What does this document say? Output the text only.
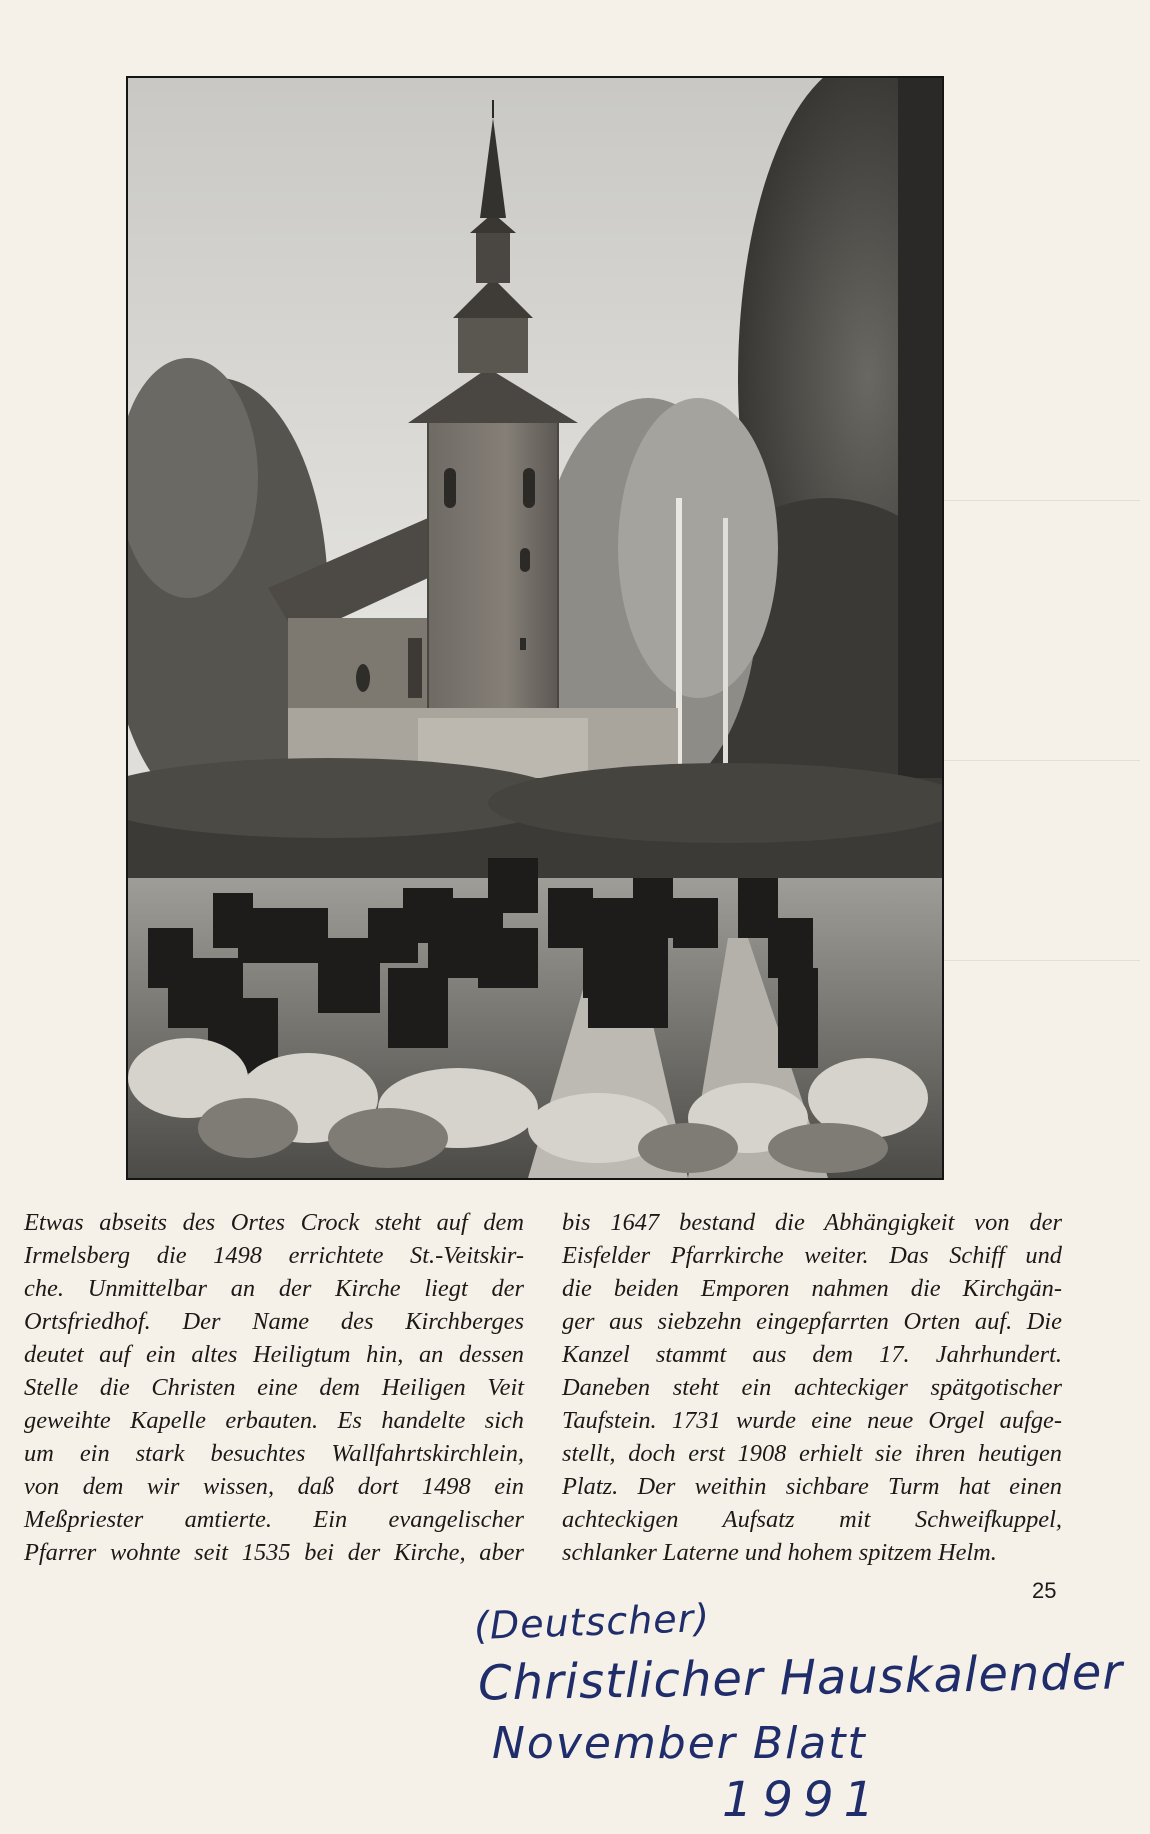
Etwas abseits des Ortes Crock steht auf dem
Irmelsberg die 1498 errichtete St.-Veitskir-
che. Unmittelbar an der Kirche liegt der
Ortsfriedhof. Der Name des Kirchberges
deutet auf ein altes Heiligtum hin, an dessen
Stelle die Christen eine dem Heiligen Veit
geweihte Kapelle erbauten. Es handelte sich
um ein stark besuchtes Wallfahrtskirchlein,
von dem wir wissen, daß dort 1498 ein
Meßpriester amtierte. Ein evangelischer
Pfarrer wohnte seit 1535 bei der Kirche, aber
bis 1647 bestand die Abhängigkeit von der
Eisfelder Pfarrkirche weiter. Das Schiff und
die beiden Emporen nahmen die Kirchgän-
ger aus siebzehn eingepfarrten Orten auf. Die
Kanzel stammt aus dem 17. Jahrhundert.
Daneben steht ein achteckiger spätgotischer
Taufstein. 1731 wurde eine neue Orgel aufge-
stellt, doch erst 1908 erhielt sie ihren heutigen
Platz. Der weithin sichbare Turm hat einen
achteckigen Aufsatz mit Schweifkuppel,
schlanker Laterne und hohem spitzem Helm.
25
(Deutscher)
Christlicher Hauskalender
November Blatt
1991
